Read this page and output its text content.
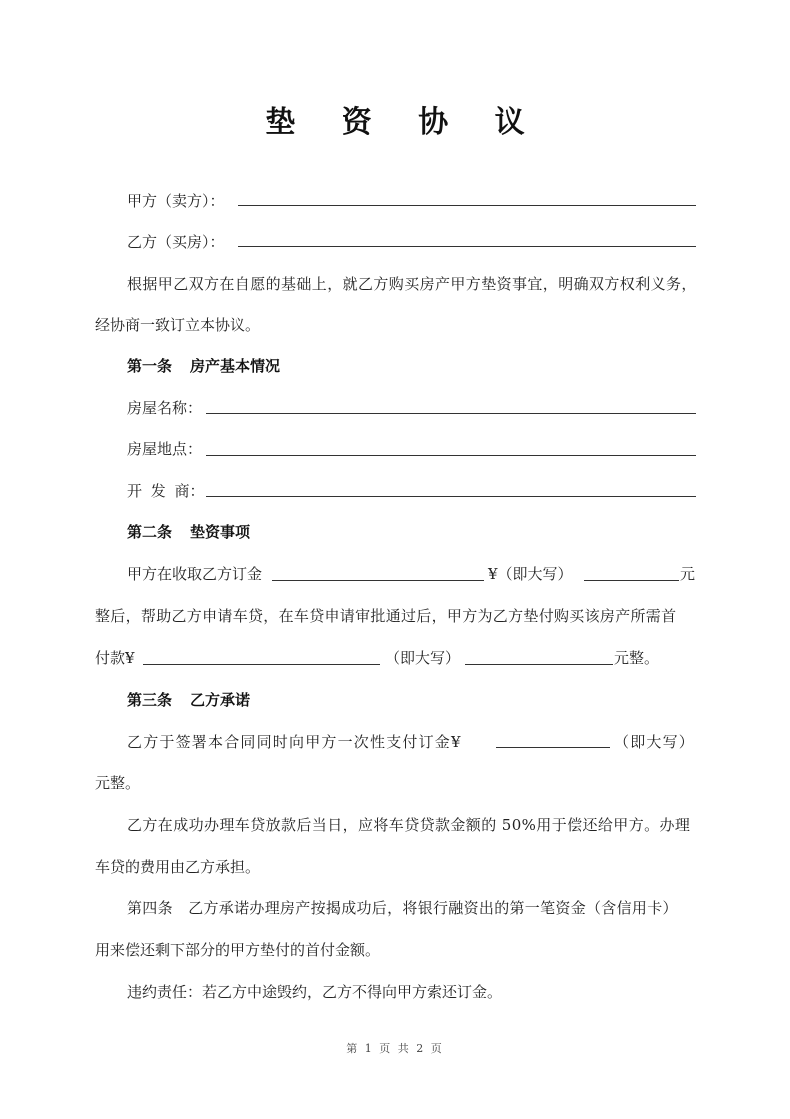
垫 资 协 议
甲方（卖方）：
乙方（买房）：
根据甲乙双方在自愿的基础上，就乙方购买房产甲方垫资事宜，明确双方权利义务，
经协商一致订立本协议。
第一条 房产基本情况
房屋名称：
房屋地点：
开 发 商：
第二条 垫资事项
甲方在收取乙方订金	¥（即大写）	元
整后，帮助乙方申请车贷，在车贷申请审批通过后，甲方为乙方垫付购买该房产所需首
付款¥	（即大写）	元整。
第三条 乙方承诺
乙方于签署本合同同时向甲方一次性支付订金¥	（即大写）
元整。
乙方在成功办理车贷放款后当日，应将车贷贷款金额的 50%用于偿还给甲方。办理
车贷的费用由乙方承担。
第四条　乙方承诺办理房产按揭成功后，将银行融资出的第一笔资金（含信用卡）
用来偿还剩下部分的甲方垫付的首付金额。
违约责任：若乙方中途毁约，乙方不得向甲方索还订金。
第 1 页 共 2 页
